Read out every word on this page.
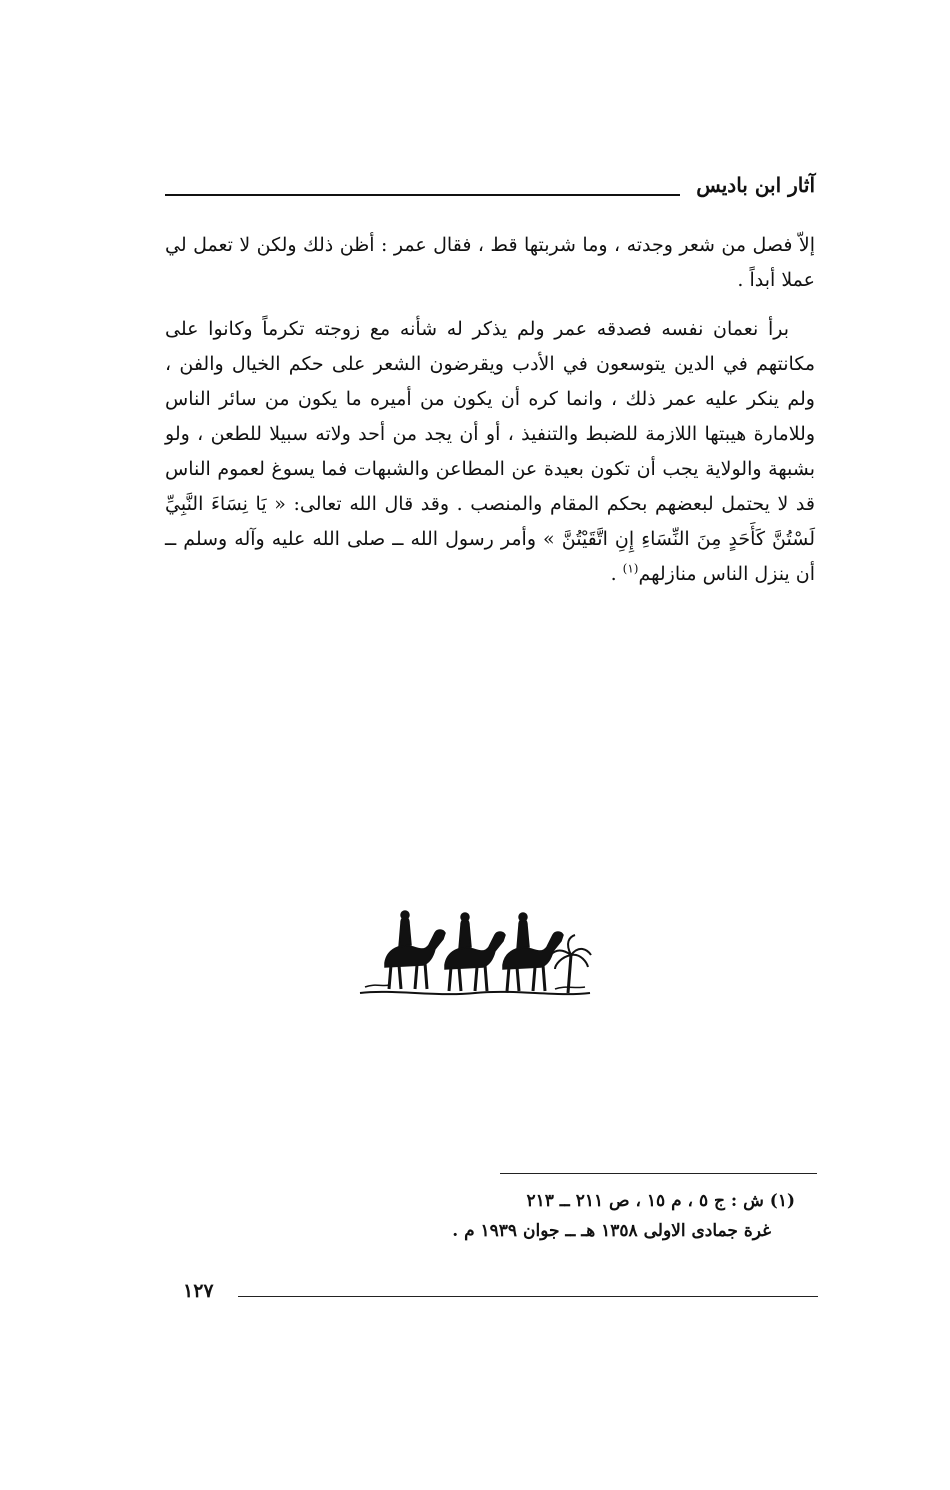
آثار ابن باديس

إلاّ فصل من شعر وجدته ، وما شربتها قط ، فقال عمر : أظن ذلك ولكن لا تعمل لي عملا أبداً .

برأ نعمان نفسه فصدقه عمر ولم يذكر له شأنه مع زوجته تكرماً وكانوا على مكانتهم في الدين يتوسعون في الأدب ويقرضون الشعر على حكم الخيال والفن ، ولم ينكر عليه عمر ذلك ، وانما كره أن يكون من أميره ما يكون من سائر الناس وللامارة هيبتها اللازمة للضبط والتنفيذ ، أو أن يجد من أحد ولاته سبيلا للطعن ، ولو بشبهة والولاية يجب أن تكون بعيدة عن المطاعن والشبهات فما يسوغ لعموم الناس قد لا يحتمل لبعضهم بحكم المقام والمنصب . وقد قال الله تعالى: « يَا نِسَاءَ النَّبِيِّ لَسْتُنَّ كَأَحَدٍ مِنَ النِّسَاءِ إِنِ اتَّقَيْتُنَّ » وأمر رسول الله ــ صلى الله عليه وآله وسلم ــ أن ينزل الناس منازلهم$^{(١)}$ .

(١) ش : ج ٥ ، م ١٥ ، ص ٢١١ ــ ٢١٣
غرة جمادى الاولى ١٣٥٨ هـ ــ جوان ١٩٣٩ م .
١٢٧
